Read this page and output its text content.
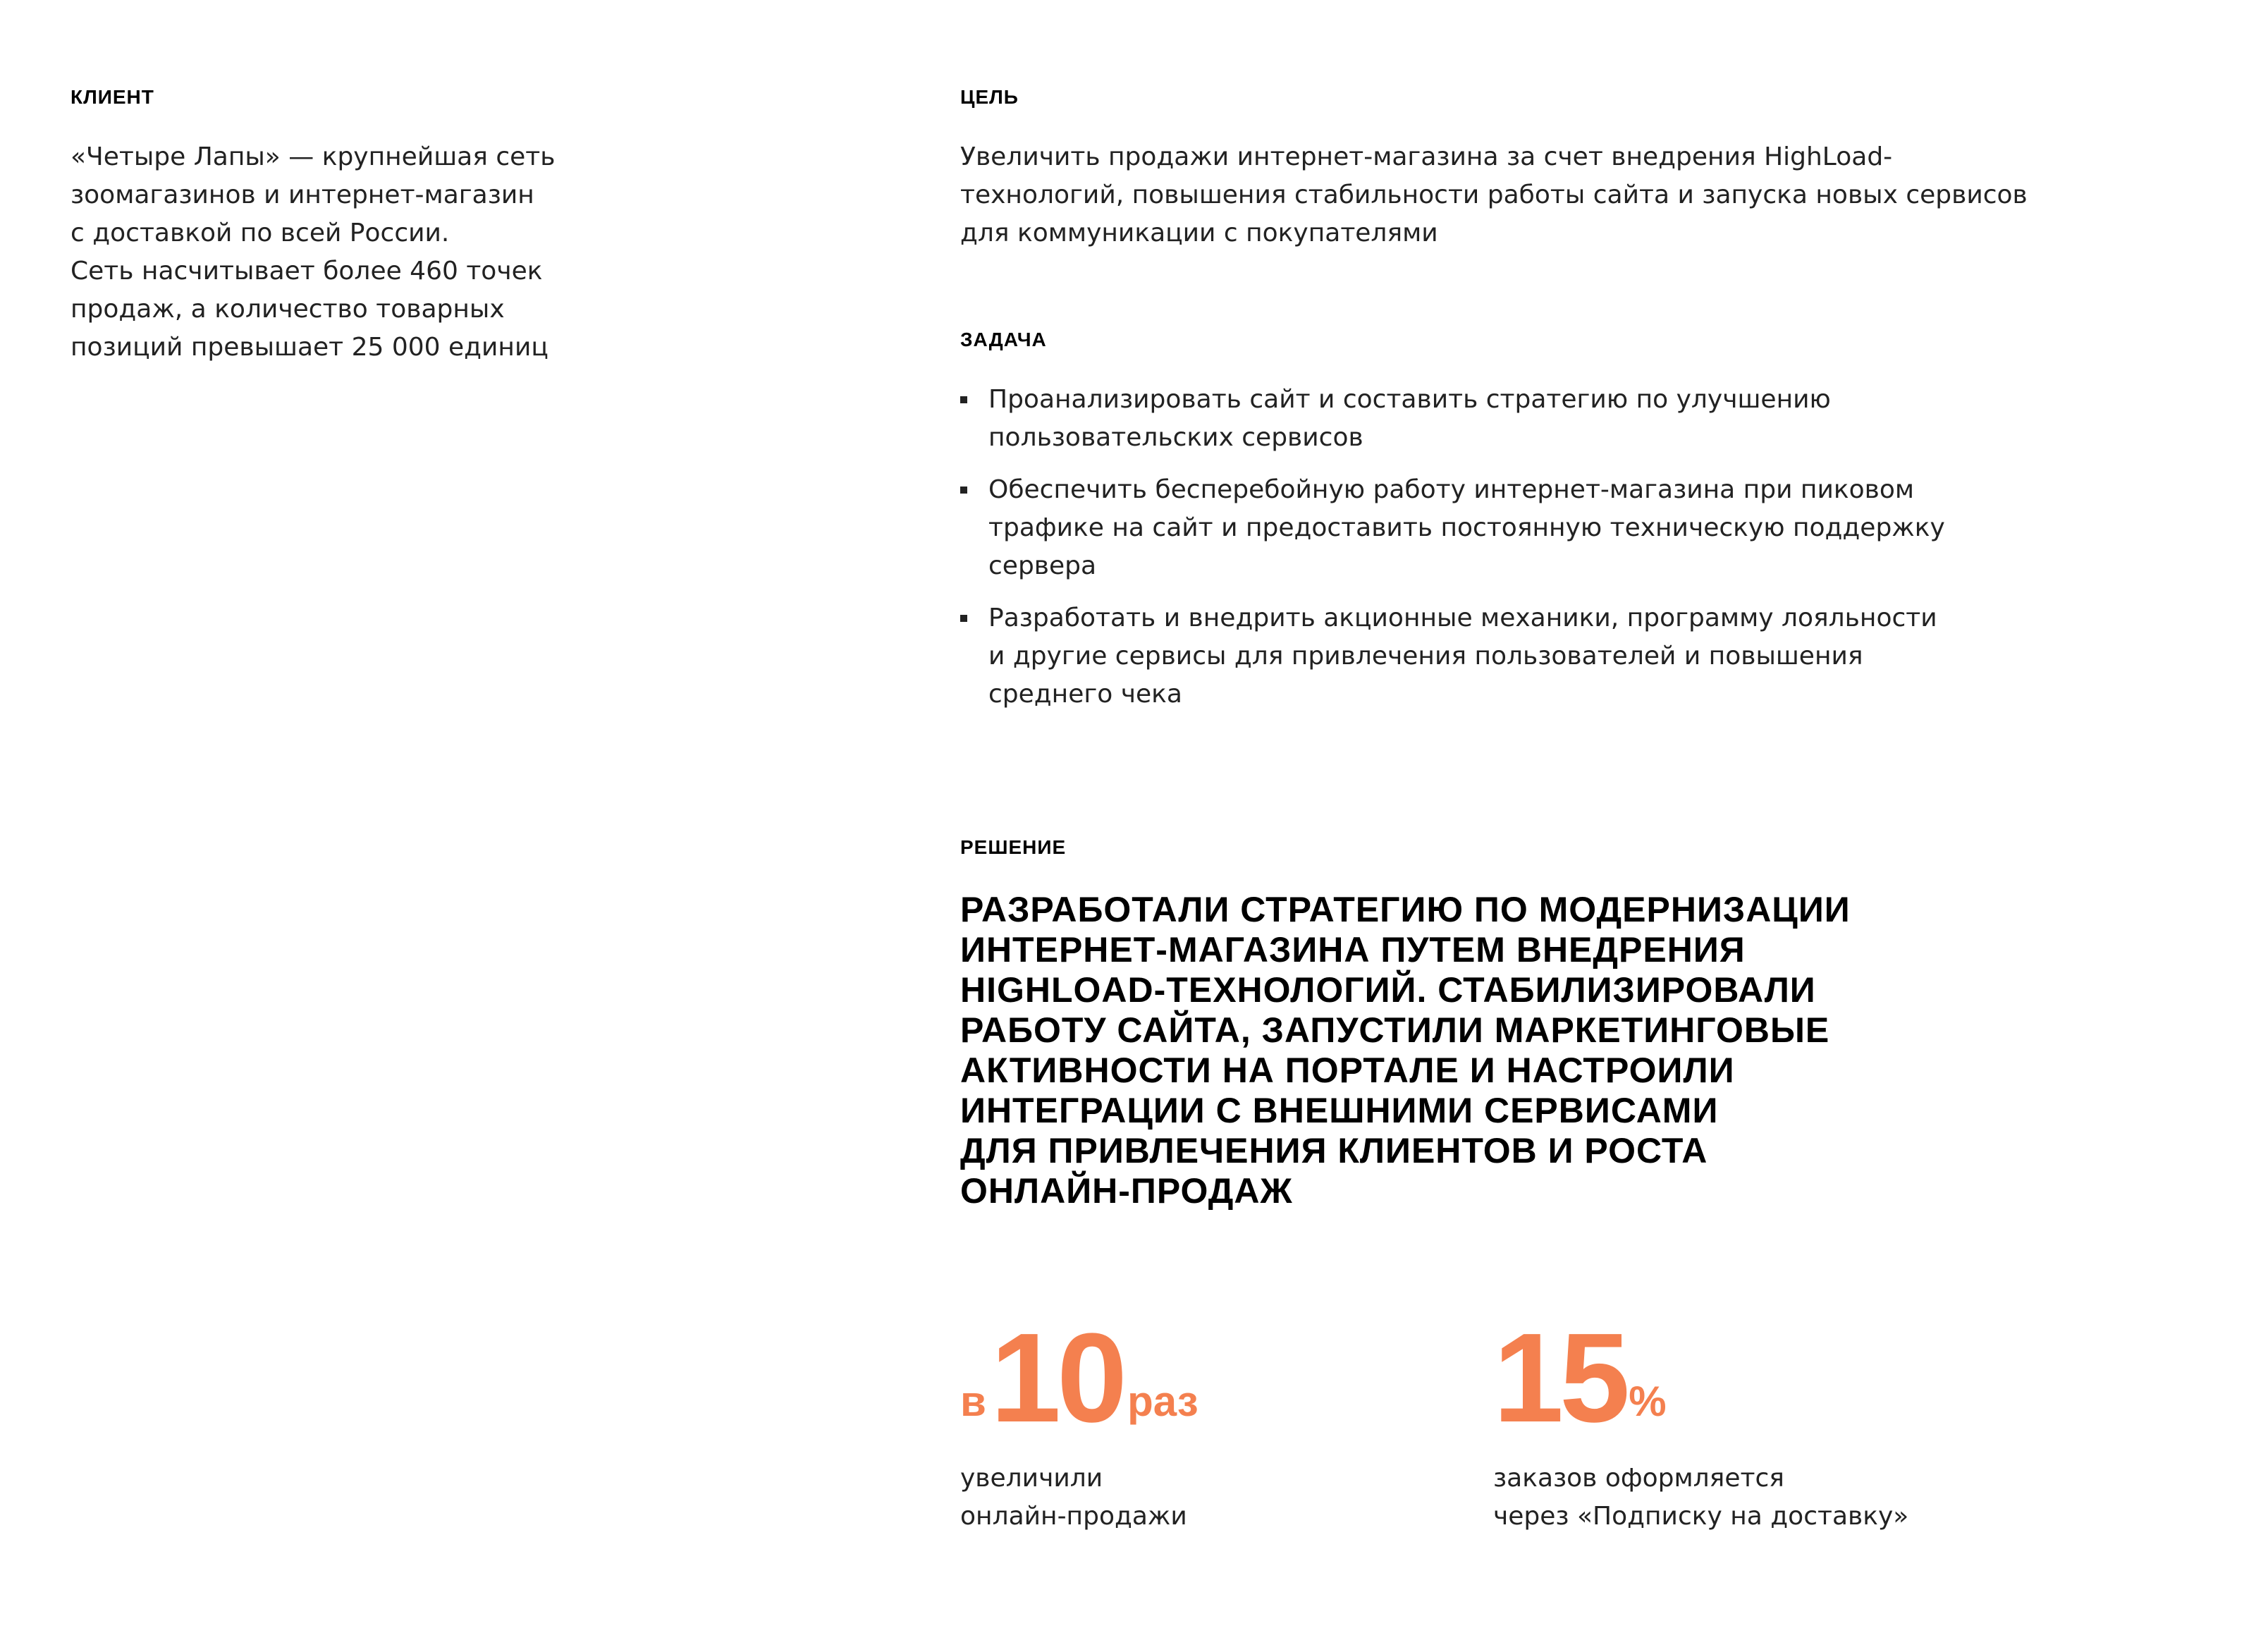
КЛИЕНТ

«Четыре Лапы» — крупнейшая сеть
зоомагазинов и интернет-магазин
с доставкой по всей России.
Сеть насчитывает более 460 точек
продаж, а количество товарных
позиций превышает 25 000 единиц

ЦЕЛЬ

Увеличить продажи интернет-магазина за счет внедрения HighLoad-
технологий, повышения стабильности работы сайта и запуска новых сервисов
для коммуникации с покупателями

ЗАДАЧА
Проанализировать сайт и составить стратегию по улучшению
пользовательских сервисов
Обеспечить бесперебойную работу интернет-магазина при пиковом
трафике на сайт и предоставить постоянную техническую поддержку
сервера
Разработать и внедрить акционные механики, программу лояльности
и другие сервисы для привлечения пользователей и повышения
среднего чека
РЕШЕНИЕ

РАЗРАБОТАЛИ СТРАТЕГИЮ ПО МОДЕРНИЗАЦИИ
ИНТЕРНЕТ-МАГАЗИНА ПУТЕМ ВНЕДРЕНИЯ
HIGHLOAD-ТЕХНОЛОГИЙ. СТАБИЛИЗИРОВАЛИ
РАБОТУ САЙТА, ЗАПУСТИЛИ МАРКЕТИНГОВЫЕ
АКТИВНОСТИ НА ПОРТАЛЕ И НАСТРОИЛИ
ИНТЕГРАЦИИ С ВНЕШНИМИ СЕРВИСАМИ
ДЛЯ ПРИВЛЕЧЕНИЯ КЛИЕНТОВ И РОСТА
ОНЛАЙН-ПРОДАЖ

в10 раз
увеличили
онлайн-продажи
15%
заказов оформляется
через «Подписку на доставку»
